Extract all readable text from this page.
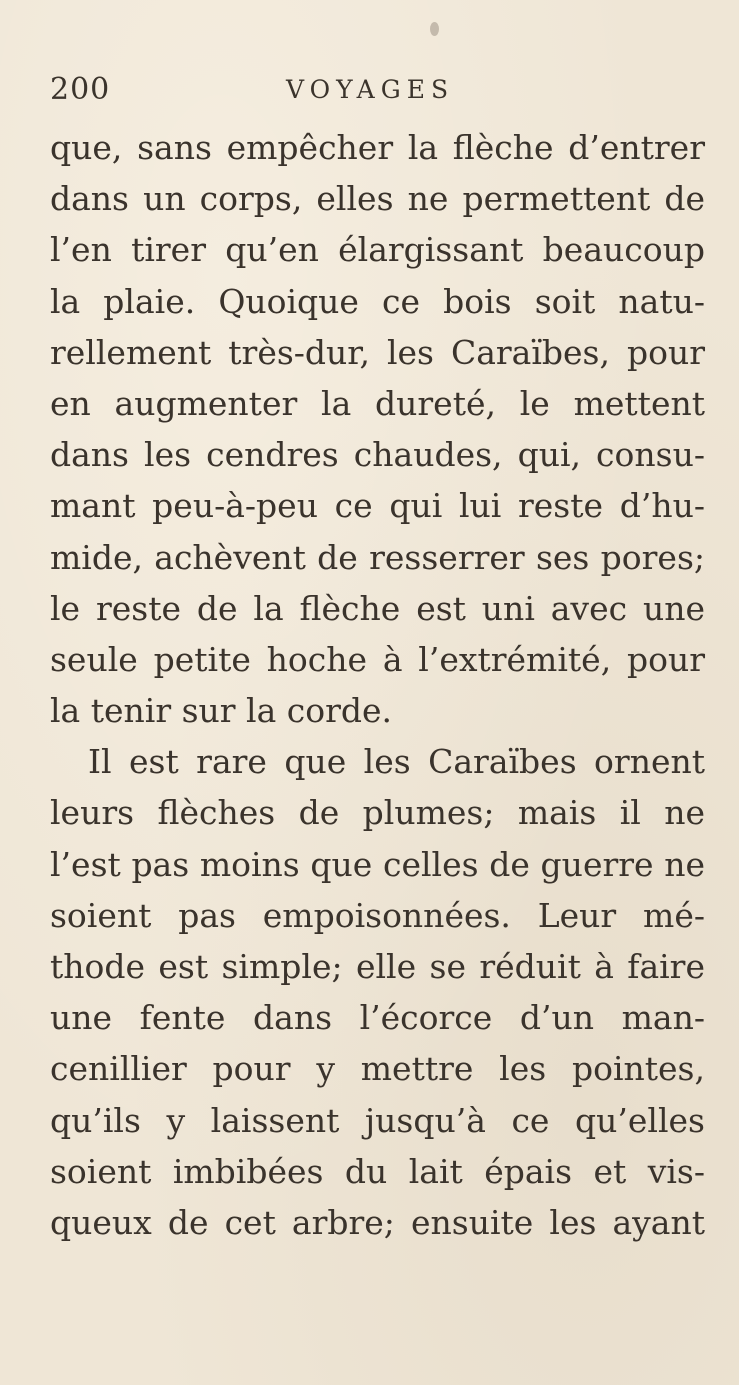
200	VOYAGES
que, sans empêcher la flèche d’entrer
dans un corps, elles ne permettent de
l’en tirer qu’en élargissant beaucoup
la plaie. Quoique ce bois soit natu-
rellement très-dur, les Caraïbes, pour
en augmenter la dureté, le mettent
dans les cendres chaudes, qui, consu-
mant peu-à-peu ce qui lui reste d’hu-
mide, achèvent de resserrer ses pores;
le reste de la flèche est uni avec une
seule petite hoche à l’extrémité, pour
la tenir sur la corde.
Il est rare que les Caraïbes ornent
leurs flèches de plumes; mais il ne
l’est pas moins que celles de guerre ne
soient pas empoisonnées. Leur mé-
thode est simple; elle se réduit à faire
une fente dans l’écorce d’un man-
cenillier pour y mettre les pointes,
qu’ils y laissent jusqu’à ce qu’elles
soient imbibées du lait épais et vis-
queux de cet arbre; ensuite les ayant
